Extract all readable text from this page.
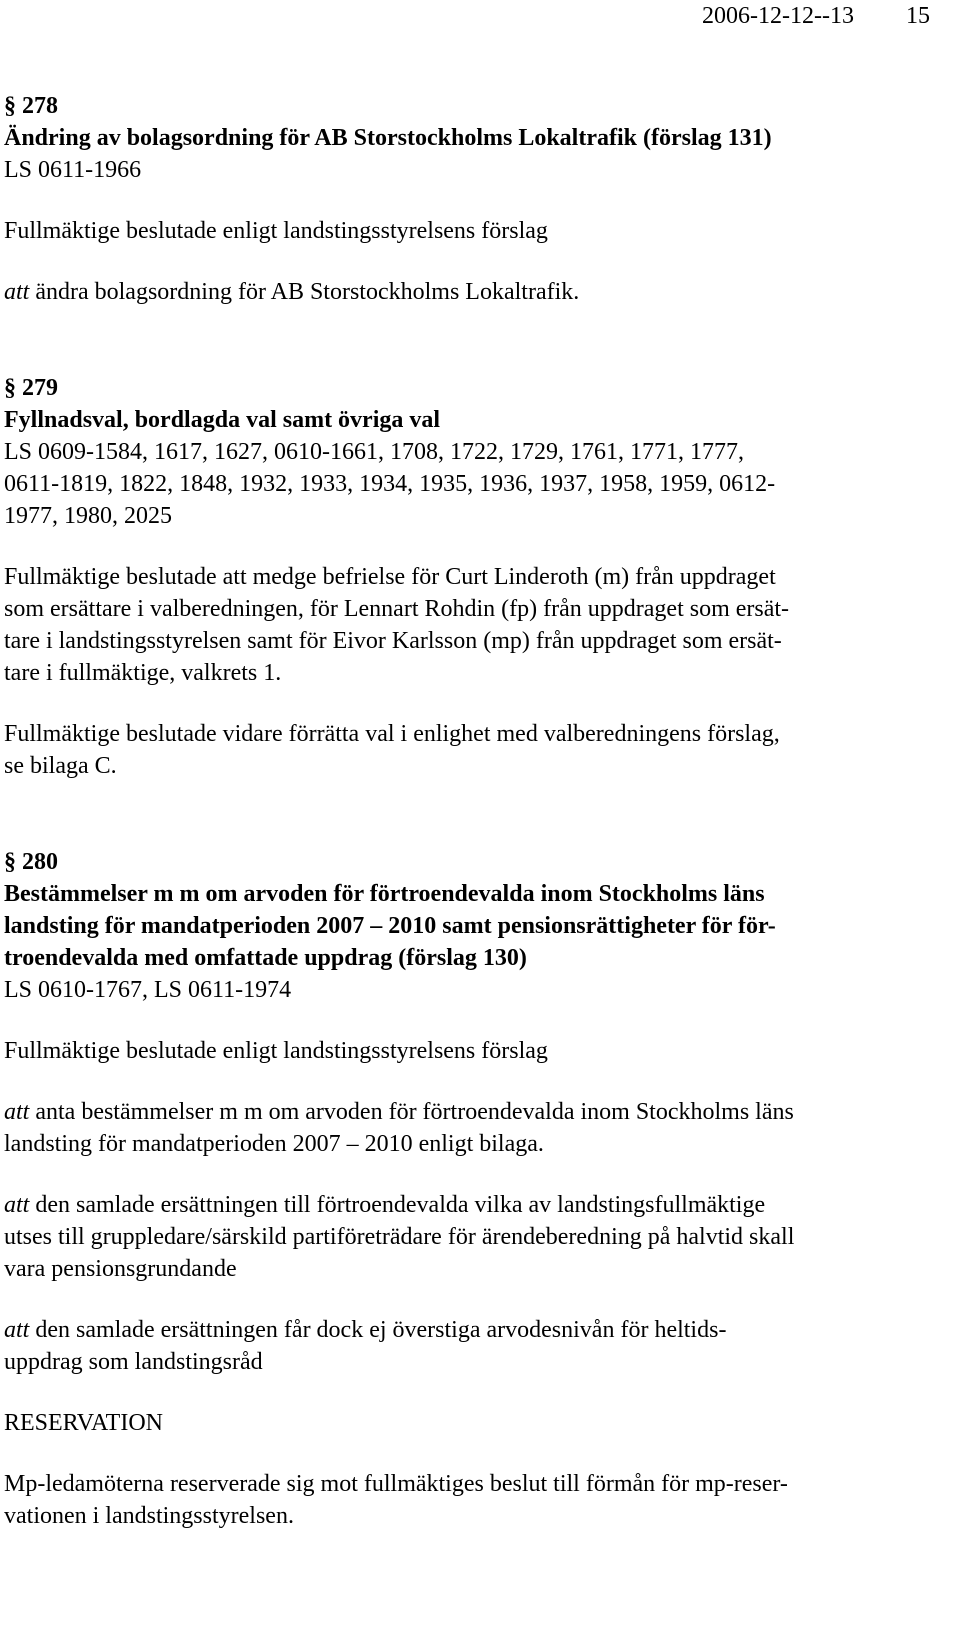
2006-12-12--13 15
§ 278
Ändring av bolagsordning för AB Storstockholms Lokaltrafik (förslag 131)
LS 0611-1966
Fullmäktige beslutade enligt landstingsstyrelsens förslag
att ändra bolagsordning för AB Storstockholms Lokaltrafik.
§ 279
Fyllnadsval, bordlagda val samt övriga val
LS 0609-1584, 1617, 1627, 0610-1661, 1708, 1722, 1729, 1761, 1771, 1777,
0611-1819, 1822, 1848, 1932, 1933, 1934, 1935, 1936, 1937, 1958, 1959, 0612-
1977, 1980, 2025
Fullmäktige beslutade att medge befrielse för Curt Linderoth (m) från uppdraget
som ersättare i valberedningen, för Lennart Rohdin (fp) från uppdraget som ersät-
tare i landstingsstyrelsen samt för Eivor Karlsson (mp) från uppdraget som ersät-
tare i fullmäktige, valkrets 1.
Fullmäktige beslutade vidare förrätta val i enlighet med valberedningens förslag,
se bilaga C.
§ 280
Bestämmelser m m om arvoden för förtroendevalda inom Stockholms läns
landsting för mandatperioden 2007 – 2010 samt pensionsrättigheter för för-
troendevalda med omfattade uppdrag (förslag 130)
LS 0610-1767, LS 0611-1974
Fullmäktige beslutade enligt landstingsstyrelsens förslag
att anta bestämmelser m m om arvoden för förtroendevalda inom Stockholms läns
landsting för mandatperioden 2007 – 2010 enligt bilaga.
att den samlade ersättningen till förtroendevalda vilka av landstingsfullmäktige
utses till gruppledare/särskild partiföreträdare för ärendeberedning på halvtid skall
vara pensionsgrundande
att den samlade ersättningen får dock ej överstiga arvodesnivån för heltids-
uppdrag som landstingsråd
RESERVATION
Mp-ledamöterna reserverade sig mot fullmäktiges beslut till förmån för mp-reser-
vationen i landstingsstyrelsen.
